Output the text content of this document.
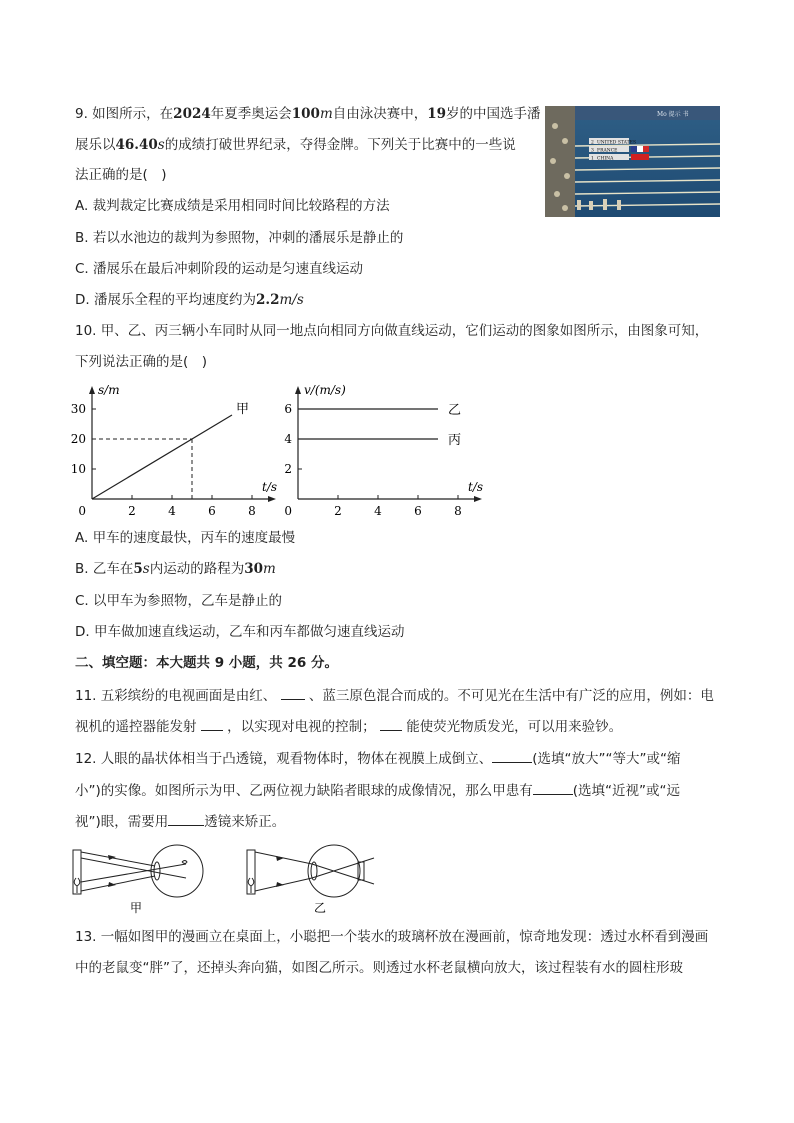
9. 如图所示，在2024年夏季奥运会100m自由泳决赛中，19岁的中国选手潘
展乐以46.40s的成绩打破世界纪录，夺得金牌。下列关于比赛中的一些说
法正确的是(　)
A. 裁判裁定比赛成绩是采用相同时间比较路程的方法
B. 若以水池边的裁判为参照物，冲刺的潘展乐是静止的
C. 潘展乐在最后冲刺阶段的运动是匀速直线运动
D. 潘展乐全程的平均速度约为2.2m/s
2 UNITED STATES
3 FRANCE
1 CHINA
Mo 提示 书
10. 甲、乙、丙三辆小车同时从同一地点向相同方向做直线运动，它们运动的图象如图所示，由图象可知，
下列说法正确的是(　)
s/m
t/s
0	2	4	6	8
10
20
30	甲
v/(m/s)
t/s
0	2	4	6	8
2
4
6	乙
丙
A. 甲车的速度最快，丙车的速度最慢
B. 乙车在5s内运动的路程为30m
C. 以甲车为参照物，乙车是静止的
D. 甲车做加速直线运动，乙车和丙车都做匀速直线运动
二、填空题：本大题共 9 小题，共 26 分。
11. 五彩缤纷的电视画面是由红、 、蓝三原色混合而成的。不可见光在生活中有广泛的应用，例如：电
视机的遥控器能发射 ，以实现对电视的控制； 能使荧光物质发光，可以用来验钞。
12. 人眼的晶状体相当于凸透镜，观看物体时，物体在视膜上成倒立、	(选填“放大”“等大”或“缩
小”)的实像。如图所示为甲、乙两位视力缺陷者眼球的成像情况，那么甲患有	(选填“近视”或“远
视”)眼，需要用	透镜来矫正。
甲	乙
13. 一幅如图甲的漫画立在桌面上，小聪把一个装水的玻璃杯放在漫画前，惊奇地发现：透过水杯看到漫画
中的老鼠变“胖”了，还掉头奔向猫，如图乙所示。则透过水杯老鼠横向放大，该过程装有水的圆柱形玻
